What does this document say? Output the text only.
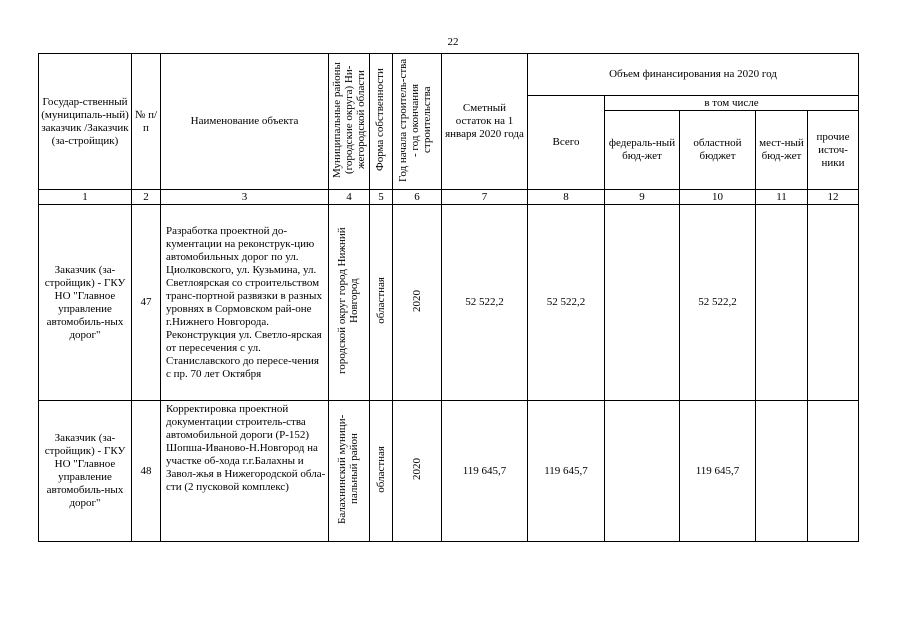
22
Государ-ственный (муниципаль-ный) заказчик /Заказчик (за-стройщик)	№ п/п	Наименование объекта	Муниципальные районы (городские округа) Ни-жегородской области	Форма собственности	Год начала строитель-ства - год окончания строительства	Сметный остаток на 1 января 2020 года	Объем финансирования на 2020 год				
							Всего	в том числе			
								федераль-ный бюд-жет	областной бюджет	мест-ный бюд-жет	прочие источ-ники
1	2	3	4	5	6	7	8	9	10	11	12
Заказчик (за-стройщик) - ГКУ НО "Главное управление автомобиль-ных дорог"	47	Разработка проектной до-кументации на реконструк-цию автомобильных дорог по ул. Циолковского, ул. Кузьмина, ул. Светлоярская со строительством транс-портной развязки в разных уровнях в Сормовском рай-оне г.Нижнего Новгорода. Реконструкция ул. Светло-ярская от пересечения с ул. Станиславского до пересе-чения с пр. 70 лет Октября	городской округ город Нижний Новгород	областная	2020	52 522,2	52 522,2		52 522,2		
Заказчик (за-стройщик) - ГКУ НО "Главное управление автомобиль-ных дорог"	48	Корректировка проектной документации строитель-ства автомобильной дороги (Р-152) Шопша-Иваново-Н.Новгород на участке об-хода г.г.Балахны и Завол-жья в Нижегородской обла-сти (2 пусковой комплекс)	Балахнинский муници-пальный район	областная	2020	119 645,7	119 645,7		119 645,7		
